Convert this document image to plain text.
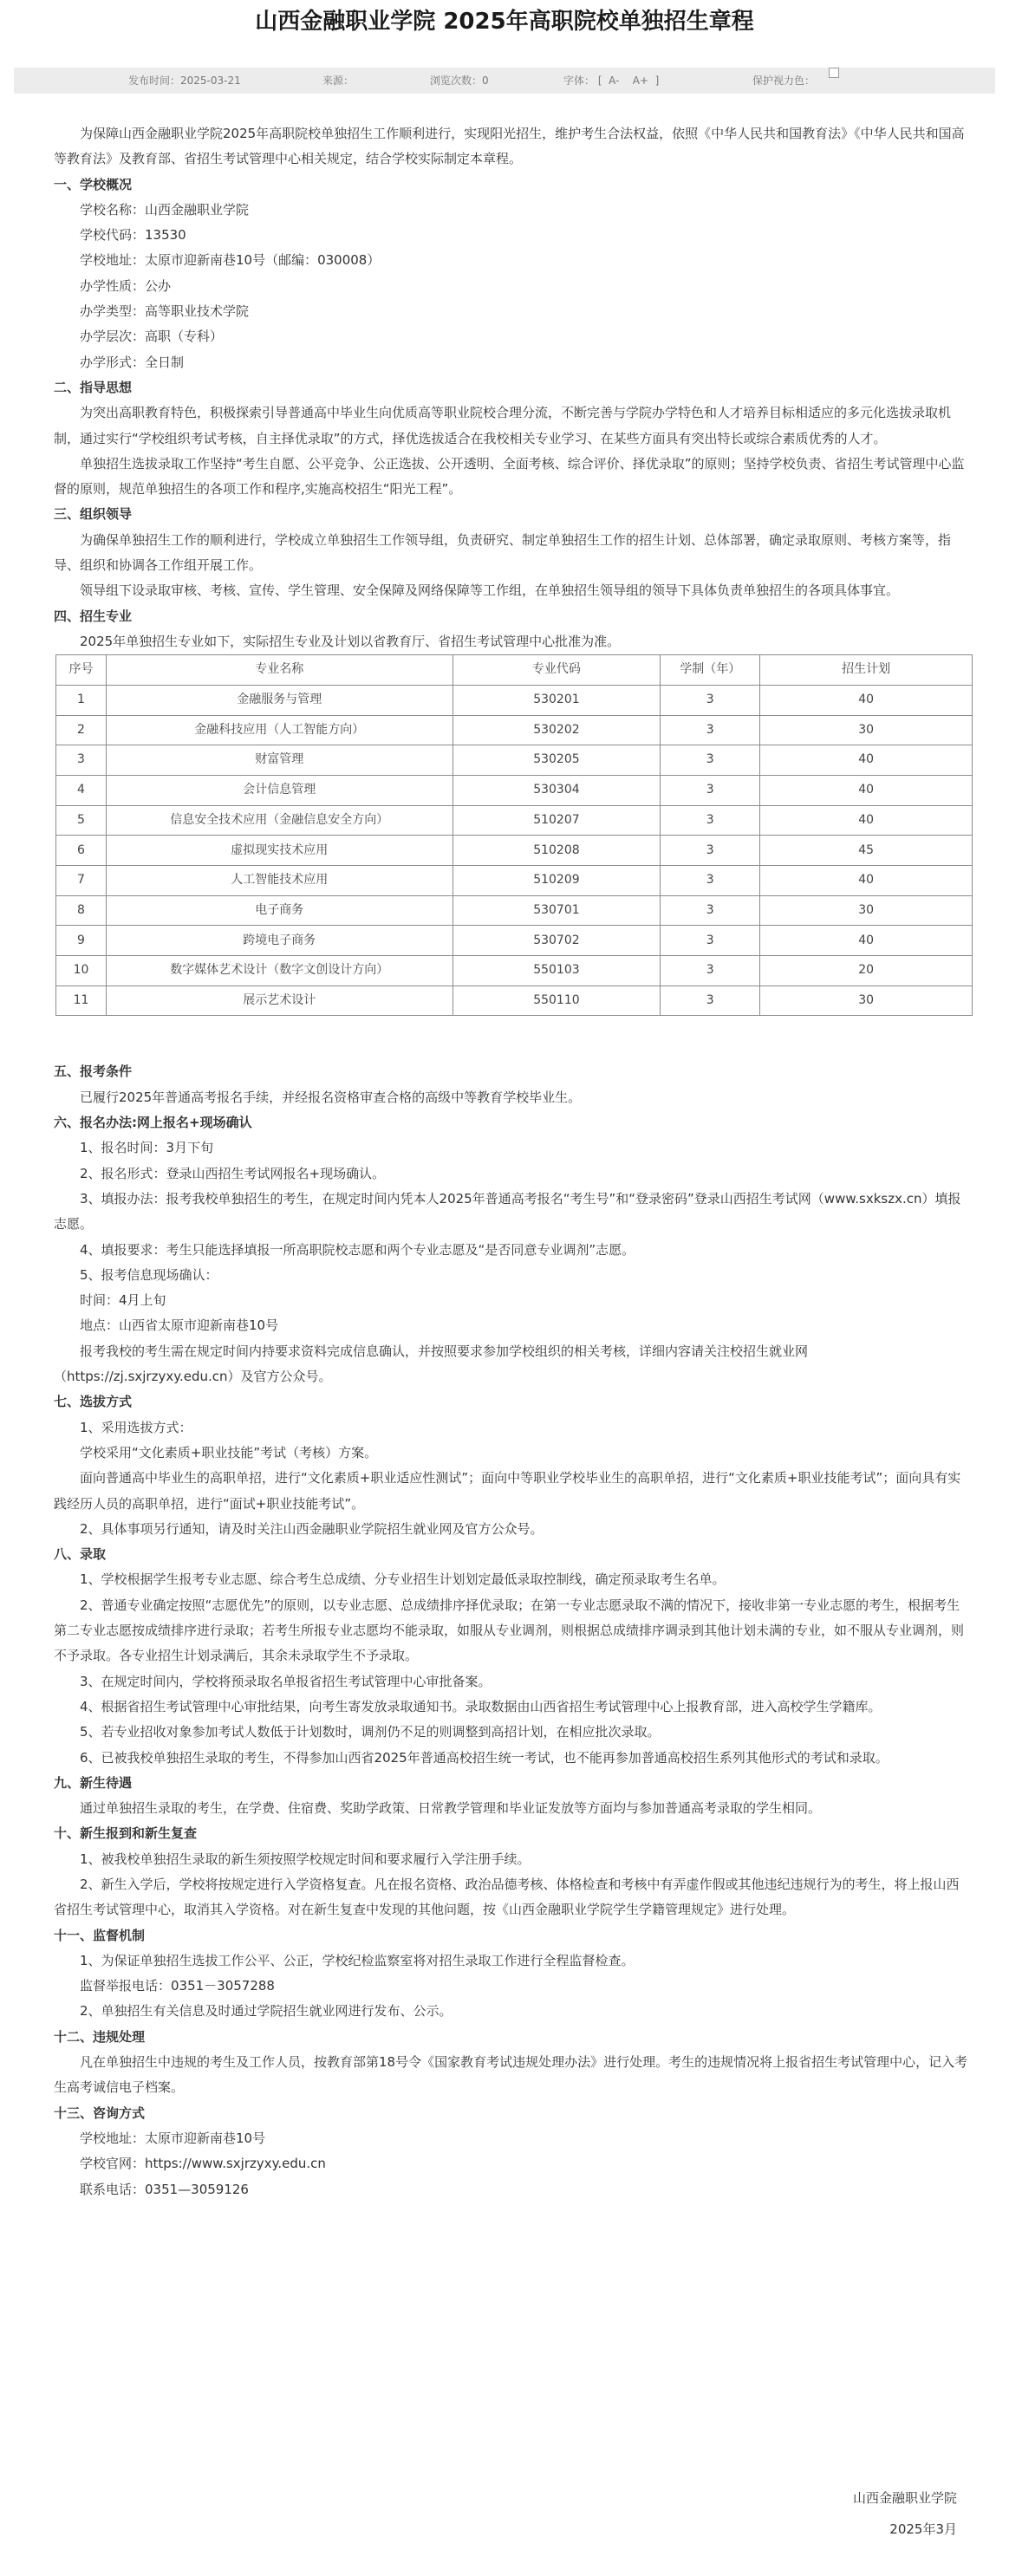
山西金融职业学院 2025年高职院校单独招生章程
发布时间：2025-03-21	来源：	浏览次数：0	字体： [  A- A+  ]	保护视力色：

为保障山西金融职业学院2025年高职院校单独招生工作顺利进行，实现阳光招生，维护考生合法权益，依照《中华人民共和国教育法》《中华人民共和国高等教育法》及教育部、省招生考试管理中心相关规定，结合学校实际制定本章程。

一、学校概况

学校名称：山西金融职业学院

学校代码：13530

学校地址：太原市迎新南巷10号（邮编：030008）

办学性质：公办

办学类型：高等职业技术学院

办学层次：高职（专科）

办学形式：全日制

二、指导思想

为突出高职教育特色，积极探索引导普通高中毕业生向优质高等职业院校合理分流，不断完善与学院办学特色和人才培养目标相适应的多元化选拔录取机制，通过实行“学校组织考试考核，自主择优录取”的方式，择优选拔适合在我校相关专业学习、在某些方面具有突出特长或综合素质优秀的人才。

单独招生选拔录取工作坚持“考生自愿、公平竞争、公正选拔、公开透明、全面考核、综合评价、择优录取”的原则；坚持学校负责、省招生考试管理中心监督的原则，规范单独招生的各项工作和程序,实施高校招生“阳光工程”。

三、组织领导

为确保单独招生工作的顺利进行，学校成立单独招生工作领导组，负责研究、制定单独招生工作的招生计划、总体部署，确定录取原则、考核方案等，指导、组织和协调各工作组开展工作。

领导组下设录取审核、考核、宣传、学生管理、安全保障及网络保障等工作组，在单独招生领导组的领导下具体负责单独招生的各项具体事宜。

四、招生专业

2025年单独招生专业如下，实际招生专业及计划以省教育厅、省招生考试管理中心批准为准。

序号	专业名称	专业代码	学制（年）	招生计划
1	金融服务与管理	530201	3	40
2	金融科技应用（人工智能方向）	530202	3	30
3	财富管理	530205	3	40
4	会计信息管理	530304	3	40
5	信息安全技术应用（金融信息安全方向）	510207	3	40
6	虚拟现实技术应用	510208	3	45
7	人工智能技术应用	510209	3	40
8	电子商务	530701	3	30
9	跨境电子商务	530702	3	40
10	数字媒体艺术设计（数字文创设计方向）	550103	3	20
11	展示艺术设计	550110	3	30

五、报考条件

已履行2025年普通高考报名手续，并经报名资格审查合格的高级中等教育学校毕业生。

六、报名办法:网上报名+现场确认

1、报名时间：3月下旬

2、报名形式：登录山西招生考试网报名+现场确认。

3、填报办法：报考我校单独招生的考生，在规定时间内凭本人2025年普通高考报名“考生号”和“登录密码”登录山西招生考试网（www.sxkszx.cn）填报志愿。

4、填报要求：考生只能选择填报一所高职院校志愿和两个专业志愿及“是否同意专业调剂”志愿。

5、报考信息现场确认：

时间：4月上旬

地点：山西省太原市迎新南巷10号

报考我校的考生需在规定时间内持要求资料完成信息确认，并按照要求参加学校组织的相关考核，详细内容请关注校招生就业网（https://zj.sxjrzyxy.edu.cn）及官方公众号。

七、选拔方式

1、采用选拔方式：

学校采用“文化素质+职业技能”考试（考核）方案。

面向普通高中毕业生的高职单招，进行“文化素质+职业适应性测试”；面向中等职业学校毕业生的高职单招，进行“文化素质+职业技能考试”；面向具有实践经历人员的高职单招，进行“面试+职业技能考试”。

2、具体事项另行通知，请及时关注山西金融职业学院招生就业网及官方公众号。

八、录取

1、学校根据学生报考专业志愿、综合考生总成绩、分专业招生计划划定最低录取控制线，确定预录取考生名单。

2、普通专业确定按照“志愿优先”的原则，以专业志愿、总成绩排序择优录取；在第一专业志愿录取不满的情况下，接收非第一专业志愿的考生，根据考生第二专业志愿按成绩排序进行录取；若考生所报专业志愿均不能录取，如服从专业调剂，则根据总成绩排序调录到其他计划未满的专业，如不服从专业调剂，则不予录取。各专业招生计划录满后，其余未录取学生不予录取。

3、在规定时间内，学校将预录取名单报省招生考试管理中心审批备案。

4、根据省招生考试管理中心审批结果，向考生寄发放录取通知书。录取数据由山西省招生考试管理中心上报教育部，进入高校学生学籍库。

5、若专业招收对象参加考试人数低于计划数时，调剂仍不足的则调整到高招计划，在相应批次录取。

6、已被我校单独招生录取的考生，不得参加山西省2025年普通高校招生统一考试，也不能再参加普通高校招生系列其他形式的考试和录取。

九、新生待遇

通过单独招生录取的考生，在学费、住宿费、奖助学政策、日常教学管理和毕业证发放等方面均与参加普通高考录取的学生相同。

十、新生报到和新生复查

1、被我校单独招生录取的新生须按照学校规定时间和要求履行入学注册手续。

2、新生入学后，学校将按规定进行入学资格复查。凡在报名资格、政治品德考核、体格检查和考核中有弄虚作假或其他违纪违规行为的考生，将上报山西省招生考试管理中心，取消其入学资格。对在新生复查中发现的其他问题，按《山西金融职业学院学生学籍管理规定》进行处理。

十一、监督机制

1、为保证单独招生选拔工作公平、公正，学校纪检监察室将对招生录取工作进行全程监督检查。

监督举报电话：0351－3057288

2、单独招生有关信息及时通过学院招生就业网进行发布、公示。

十二、违规处理

凡在单独招生中违规的考生及工作人员，按教育部第18号令《国家教育考试违规处理办法》进行处理。考生的违规情况将上报省招生考试管理中心，记入考生高考诚信电子档案。

十三、咨询方式

学校地址：太原市迎新南巷10号

学校官网：https://www.sxjrzyxy.edu.cn

联系电话：0351—3059126

山西金融职业学院
2025年3月
